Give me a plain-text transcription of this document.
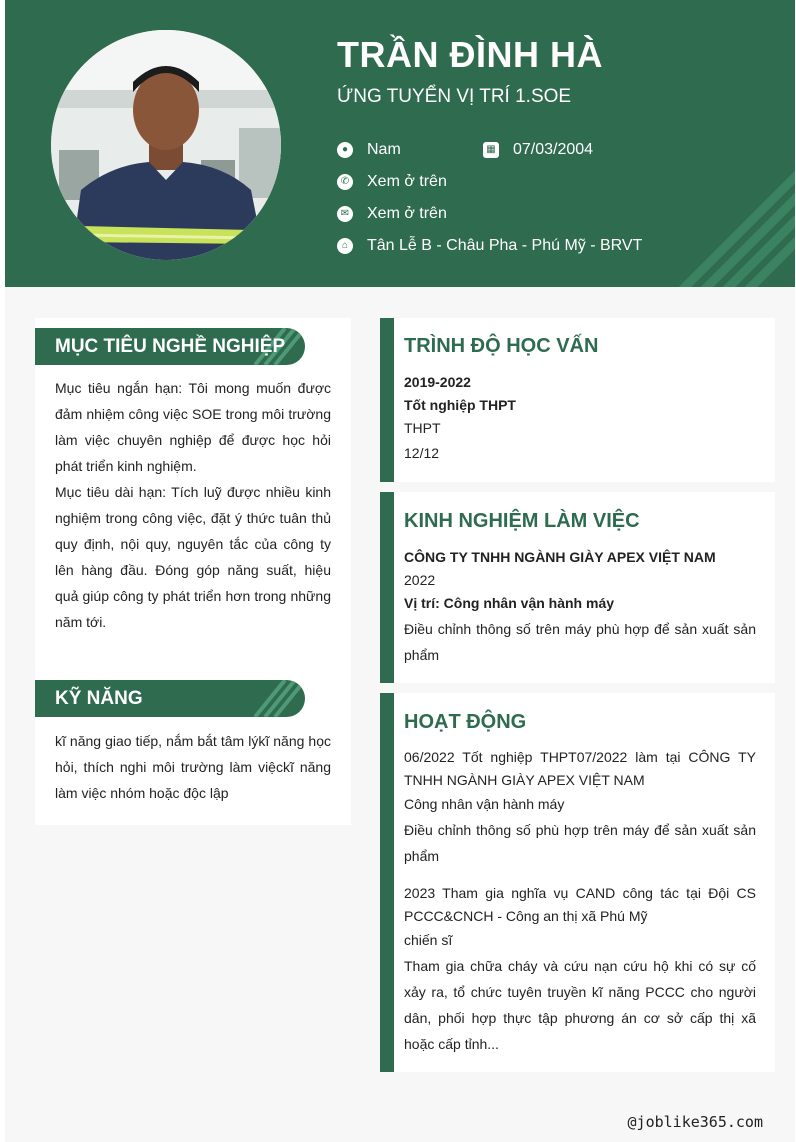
TRẦN ĐÌNH HÀ
ỨNG TUYỂN VỊ TRÍ 1.SOE
●	Nam	▦ 07/03/2004
✆ Xem ở trên
✉ Xem ở trên
⌂	Tân Lễ B - Châu Pha - Phú Mỹ - BRVT
MỤC TIÊU NGHỀ NGHIỆP
Mục tiêu ngắn hạn: Tôi mong muốn được đảm nhiệm công việc SOE trong môi trường làm việc chuyên nghiệp để được học hỏi phát triển kinh nghiệm.
Mục tiêu dài hạn: Tích luỹ được nhiều kinh nghiệm trong công việc, đặt ý thức tuân thủ quy định, nội quy, nguyên tắc của công ty lên hàng đầu. Đóng góp năng suất, hiệu quả giúp công ty phát triển hơn trong những năm tới.
KỸ NĂNG
kĩ năng giao tiếp, nắm bắt tâm lýkĩ năng học hỏi, thích nghi môi trường làm việckĩ năng làm việc nhóm hoặc độc lập
TRÌNH ĐỘ HỌC VẤN
2019-2022
Tốt nghiệp THPT
THPT
12/12
KINH NGHIỆM LÀM VIỆC
CÔNG TY TNHH NGÀNH GIÀY APEX VIỆT NAM
2022
Vị trí: Công nhân vận hành máy
Điều chỉnh thông số trên máy phù hợp để sản xuất sản phẩm
HOẠT ĐỘNG
06/2022 Tốt nghiệp THPT07/2022 làm tại CÔNG TY TNHH NGÀNH GIÀY APEX VIỆT NAM
Công nhân vận hành máy
Điều chỉnh thông số phù hợp trên máy để sản xuất sản phẩm
2023 Tham gia nghĩa vụ CAND công tác tại Đội CS PCCC&CNCH - Công an thị xã Phú Mỹ
chiến sĩ
Tham gia chữa cháy và cứu nạn cứu hộ khi có sự cố xảy ra, tổ chức tuyên truyền kĩ năng PCCC cho người dân, phối hợp thực tập phương án cơ sở cấp thị xã hoặc cấp tỉnh...
@joblike365.com
